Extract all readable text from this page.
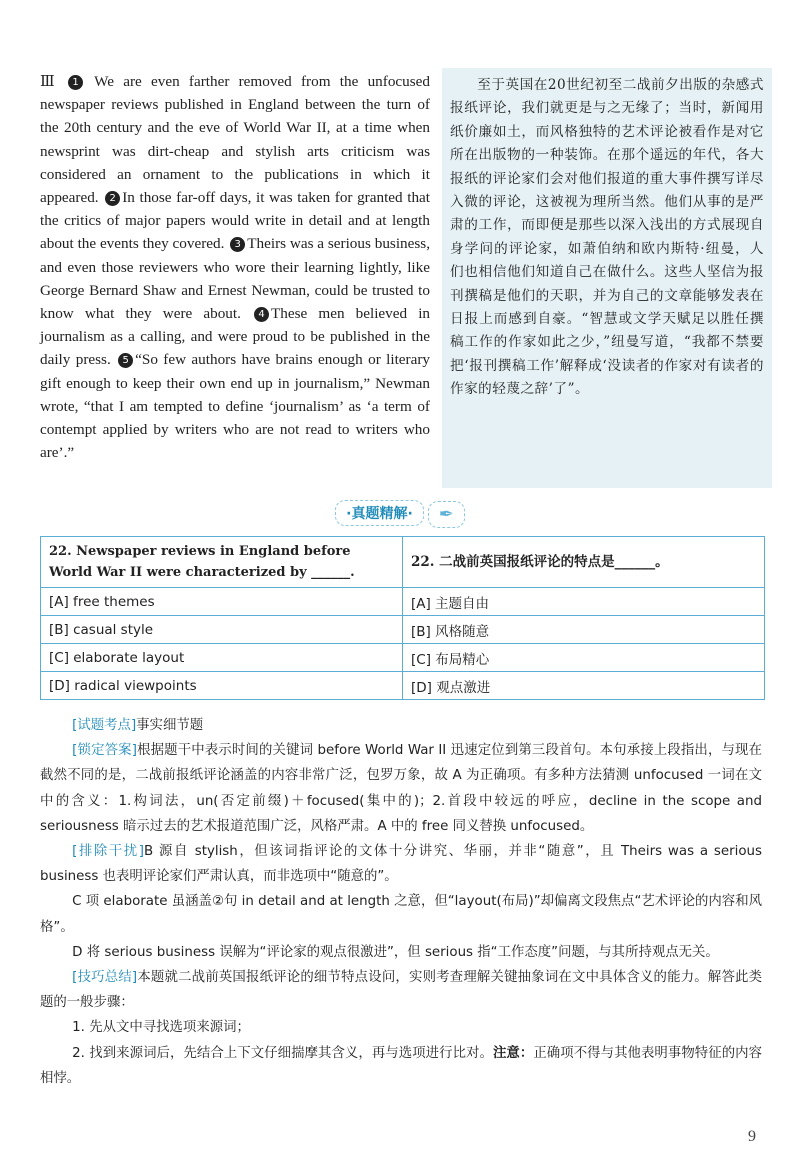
Ⅲ 1 We are even farther removed from the unfocused newspaper reviews published in England between the turn of the 20th century and the eve of World War II, at a time when newsprint was dirt-cheap and stylish arts criticism was considered an ornament to the publications in which it appeared. 2 In those far-off days, it was taken for granted that the critics of major papers would write in detail and at length about the events they covered. 3 Theirs was a serious business, and even those reviewers who wore their learning lightly, like George Bernard Shaw and Ernest Newman, could be trusted to know what they were about. 4 These men believed in journalism as a calling, and were proud to be published in the daily press. 5 “So few authors have brains enough or literary gift enough to keep their own end up in journalism,” Newman wrote, “that I am tempted to define ‘journalism’ as ‘a term of contempt applied by writers who are not read to writers who are’.”

至于英国在20世纪初至二战前夕出版的杂感式报纸评论，我们就更是与之无缘了；当时，新闻用纸价廉如土，而风格独特的艺术评论被看作是对它所在出版物的一种装饰。在那个遥远的年代，各大报纸的评论家们会对他们报道的重大事件撰写详尽入微的评论，这被视为理所当然。他们从事的是严肃的工作，而即便是那些以深入浅出的方式展现自身学问的评论家，如萧伯纳和欧内斯特·纽曼，人们也相信他们知道自己在做什么。这些人坚信为报刊撰稿是他们的天职，并为自己的文章能够发表在日报上而感到自豪。“智慧或文学天赋足以胜任撰稿工作的作家如此之少，”纽曼写道，“我都不禁要把‘报刊撰稿工作’解释成‘没读者的作家对有读者的作家的轻蔑之辞’了”。

·真题精解· ✒
22. Newspaper reviews in England before World War II were characterized by ______.	22. 二战前英国报纸评论的特点是______。
[A] free themes	[A] 主题自由
[B] casual style	[B] 风格随意
[C] elaborate layout	[C] 布局精心
[D] radical viewpoints	[D] 观点激进

[试题考点]事实细节题

[锁定答案]根据题干中表示时间的关键词 before World War II 迅速定位到第三段首句。本句承接上段指出，与现在截然不同的是，二战前报纸评论涵盖的内容非常广泛，包罗万象，故 A 为正确项。有多种方法猜测 unfocused 一词在文中的含义：1.构词法，un(否定前缀)＋focused(集中的)；2.首段中较远的呼应，decline in the scope and seriousness 暗示过去的艺术报道范围广泛，风格严肃。A 中的 free 同义替换 unfocused。

[排除干扰]B 源自 stylish，但该词指评论的文体十分讲究、华丽，并非“随意”，且 Theirs was a serious business 也表明评论家们严肃认真，而非选项中“随意的”。

C 项 elaborate 虽涵盖②句 in detail and at length 之意，但“layout(布局)”却偏离文段焦点“艺术评论的内容和风格”。

D 将 serious business 误解为“评论家的观点很激进”，但 serious 指“工作态度”问题，与其所持观点无关。

[技巧总结]本题就二战前英国报纸评论的细节特点设问，实则考查理解关键抽象词在文中具体含义的能力。解答此类题的一般步骤：

1. 先从文中寻找选项来源词；

2. 找到来源词后，先结合上下文仔细揣摩其含义，再与选项进行比对。注意：正确项不得与其他表明事物特征的内容相悖。

9
